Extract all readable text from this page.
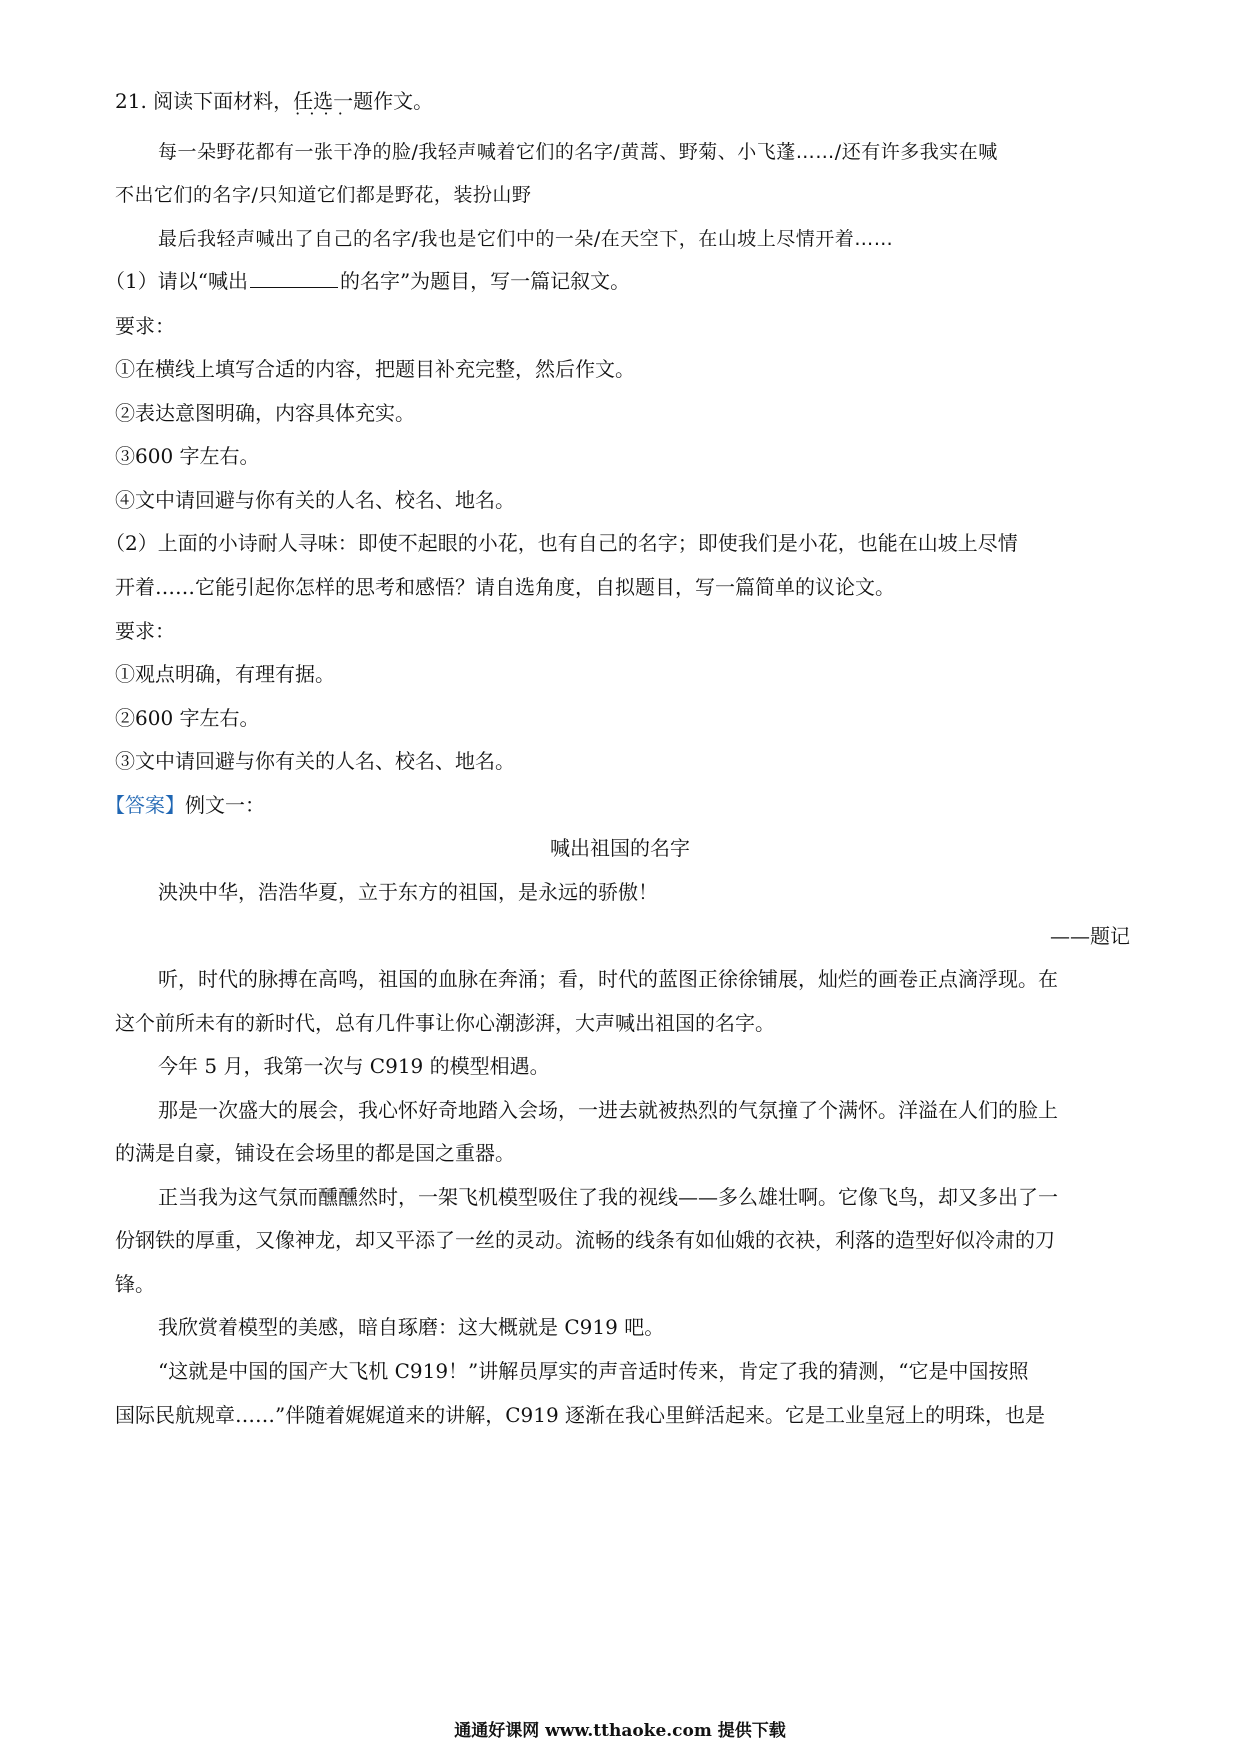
21. 阅读下面材料，任选一 · · · ·题作文。
每一朵野花都有一张干净的脸/我轻声喊着它们的名字/黄蒿、野菊、小飞蓬……/还有许多我实在喊
不出它们的名字/只知道它们都是野花，装扮山野
最后我轻声喊出了自己的名字/我也是它们中的一朵/在天空下，在山坡上尽情开着……
（1）请以“喊出	的名字”为题目，写一篇记叙文。
要求：
①在横线上填写合适的内容，把题目补充完整，然后作文。
②表达意图明确，内容具体充实。
③600 字左右。
④文中请回避与你有关的人名、校名、地名。
（2）上面的小诗耐人寻味：即使不起眼的小花，也有自己的名字；即使我们是小花，也能在山坡上尽情
开着……它能引起你怎样的思考和感悟？请自选角度，自拟题目，写一篇简单的议论文。
要求：
①观点明确，有理有据。
②600 字左右。
③文中请回避与你有关的人名、校名、地名。
【答案】例文一：
喊出祖国的名字
泱泱中华，浩浩华夏，立于东方的祖国，是永远的骄傲！
——题记
听，时代的脉搏在高鸣，祖国的血脉在奔涌；看，时代的蓝图正徐徐铺展，灿烂的画卷正点滴浮现。在
这个前所未有的新时代，总有几件事让你心潮澎湃，大声喊出祖国的名字。
今年 5 月，我第一次与 C919 的模型相遇。
那是一次盛大的展会，我心怀好奇地踏入会场，一进去就被热烈的气氛撞了个满怀。洋溢在人们的脸上
的满是自豪，铺设在会场里的都是国之重器。
正当我为这气氛而醺醺然时，一架飞机模型吸住了我的视线——多么雄壮啊。它像飞鸟，却又多出了一
份钢铁的厚重，又像神龙，却又平添了一丝的灵动。流畅的线条有如仙娥的衣袂，利落的造型好似冷肃的刀
锋。
我欣赏着模型的美感，暗自琢磨：这大概就是 C919 吧。
“这就是中国的国产大飞机 C919！”讲解员厚实的声音适时传来，肯定了我的猜测，“它是中国按照
国际民航规章……”伴随着娓娓道来的讲解，C919 逐渐在我心里鲜活起来。它是工业皇冠上的明珠，也是
通通好课网 www.tthaoke.com 提供下载
